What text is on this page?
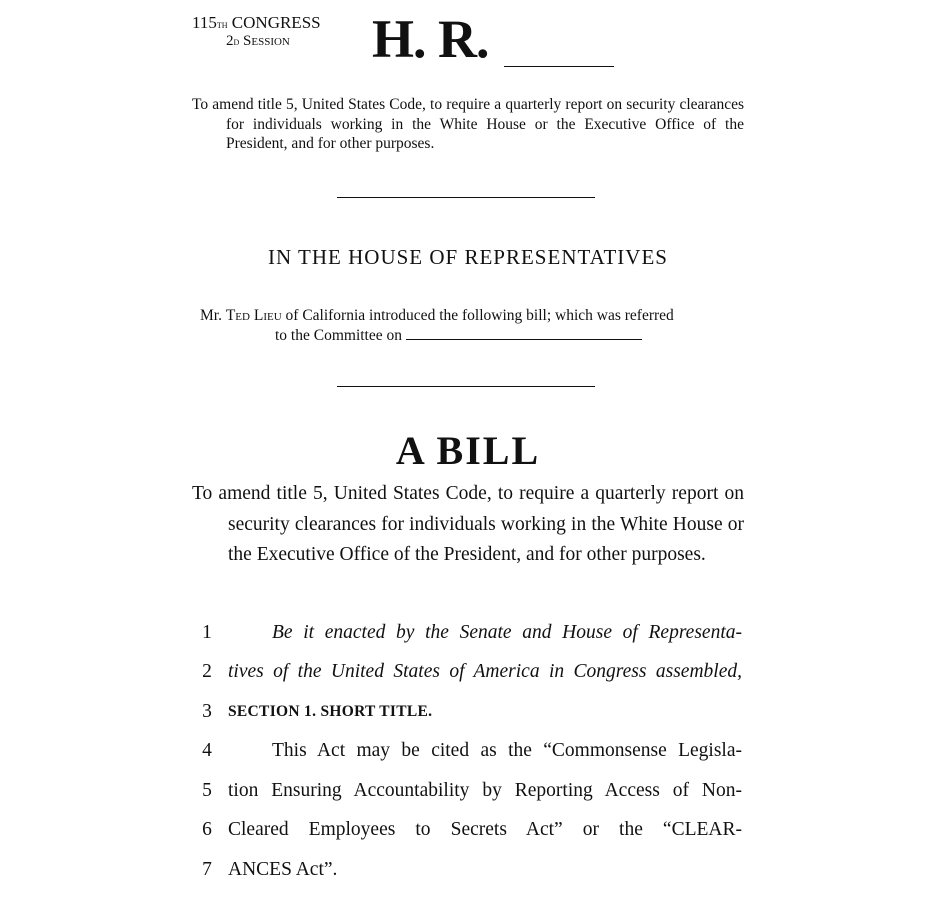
115th CONGRESS
2d Session H. R.
To amend title 5, United States Code, to require a quarterly report on security clearances for individuals working in the White House or the Executive Office of the President, and for other purposes.
IN THE HOUSE OF REPRESENTATIVES
Mr. Ted Lieu of California introduced the following bill; which was referred
to the Committee on
A BILL
To amend title 5, United States Code, to require a quarterly report on security clearances for individuals working in the White House or the Executive Office of the President, and for other purposes.
1	Be it enacted by the Senate and House of Representa-
2 tives of the United States of America in Congress assembled,
3	SECTION 1. SHORT TITLE.
4	This Act may be cited as the “Commonsense Legisla-
5 tion Ensuring Accountability by Reporting Access of Non-
6 Cleared Employees to Secrets Act” or the “CLEAR-
7 ANCES Act”.
